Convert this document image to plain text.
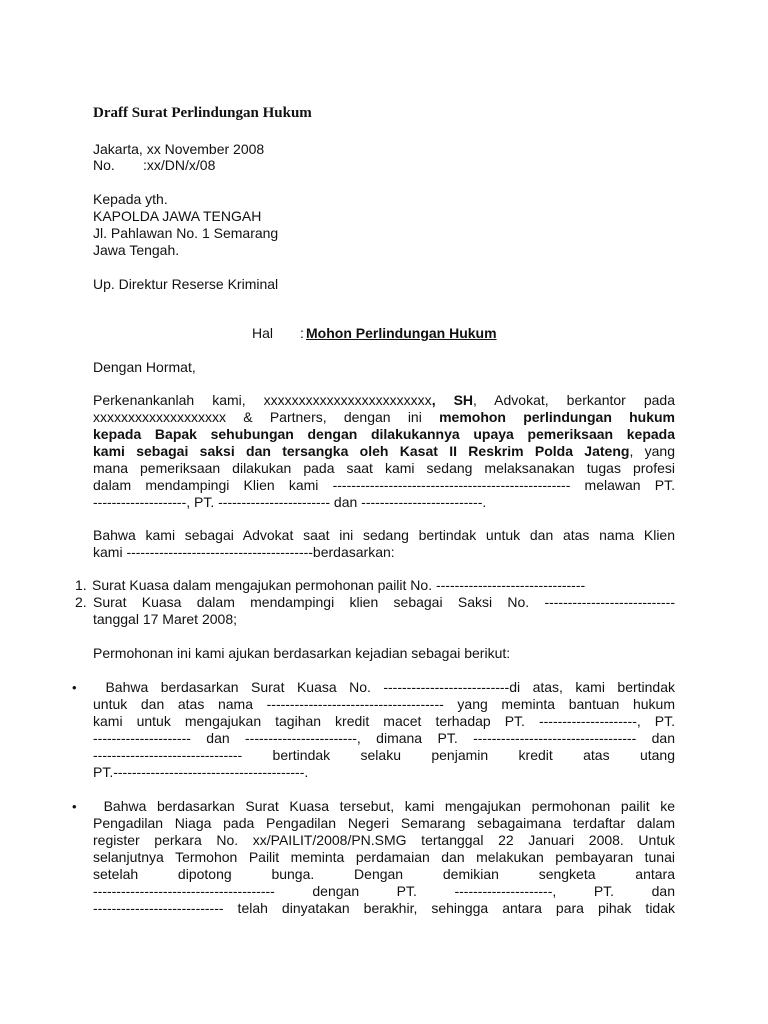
Draff Surat Perlindungan Hukum
Jakarta, xx November 2008
No. :xx/DN/x/08
Kepada yth.
KAPOLDA JAWA TENGAH
Jl. Pahlawan No. 1 Semarang
Jawa Tengah.
Up. Direktur Reserse Kriminal
Hal : Mohon Perlindungan Hukum
Dengan Hormat,
Perkenankanlah kami, xxxxxxxxxxxxxxxxxxxxxxxx, SH, Advokat, berkantor pada
xxxxxxxxxxxxxxxxxxx & Partners, dengan ini memohon perlindungan hukum
kepada Bapak sehubungan dengan dilakukannya upaya pemeriksaan kepada
kami sebagai saksi dan tersangka oleh Kasat II Reskrim Polda Jateng, yang
mana pemeriksaan dilakukan pada saat kami sedang melaksanakan tugas profesi
dalam mendampingi Klien kami --------------------------------------------------- melawan PT.
--------------------, PT. ------------------------ dan --------------------------.
Bahwa kami sebagai Advokat saat ini sedang bertindak untuk dan atas nama Klien
kami ----------------------------------------berdasarkan:
1. Surat Kuasa dalam mengajukan permohonan pailit No. --------------------------------
2. Surat Kuasa dalam mendampingi klien sebagai Saksi No. ----------------------------
tanggal 17 Maret 2008;
Permohonan ini kami ajukan berdasarkan kejadian sebagai berikut:
•	Bahwa berdasarkan Surat Kuasa No. ---------------------------di atas, kami bertindak
untuk dan atas nama -------------------------------------- yang meminta bantuan hukum
kami untuk mengajukan tagihan kredit macet terhadap PT. ---------------------, PT.
--------------------- dan ------------------------, dimana PT. ----------------------------------- dan
-------------------------------- bertindak selaku penjamin kredit atas utang
PT.-----------------------------------------.
•	Bahwa berdasarkan Surat Kuasa tersebut, kami mengajukan permohonan pailit ke
Pengadilan Niaga pada Pengadilan Negeri Semarang sebagaimana terdaftar dalam
register perkara No. xx/PAILIT/2008/PN.SMG tertanggal 22 Januari 2008. Untuk
selanjutnya Termohon Pailit meminta perdamaian dan melakukan pembayaran tunai
setelah dipotong bunga. Dengan demikian sengketa antara
--------------------------------------- dengan PT. ---------------------, PT. dan
---------------------------- telah dinyatakan berakhir, sehingga antara para pihak tidak
